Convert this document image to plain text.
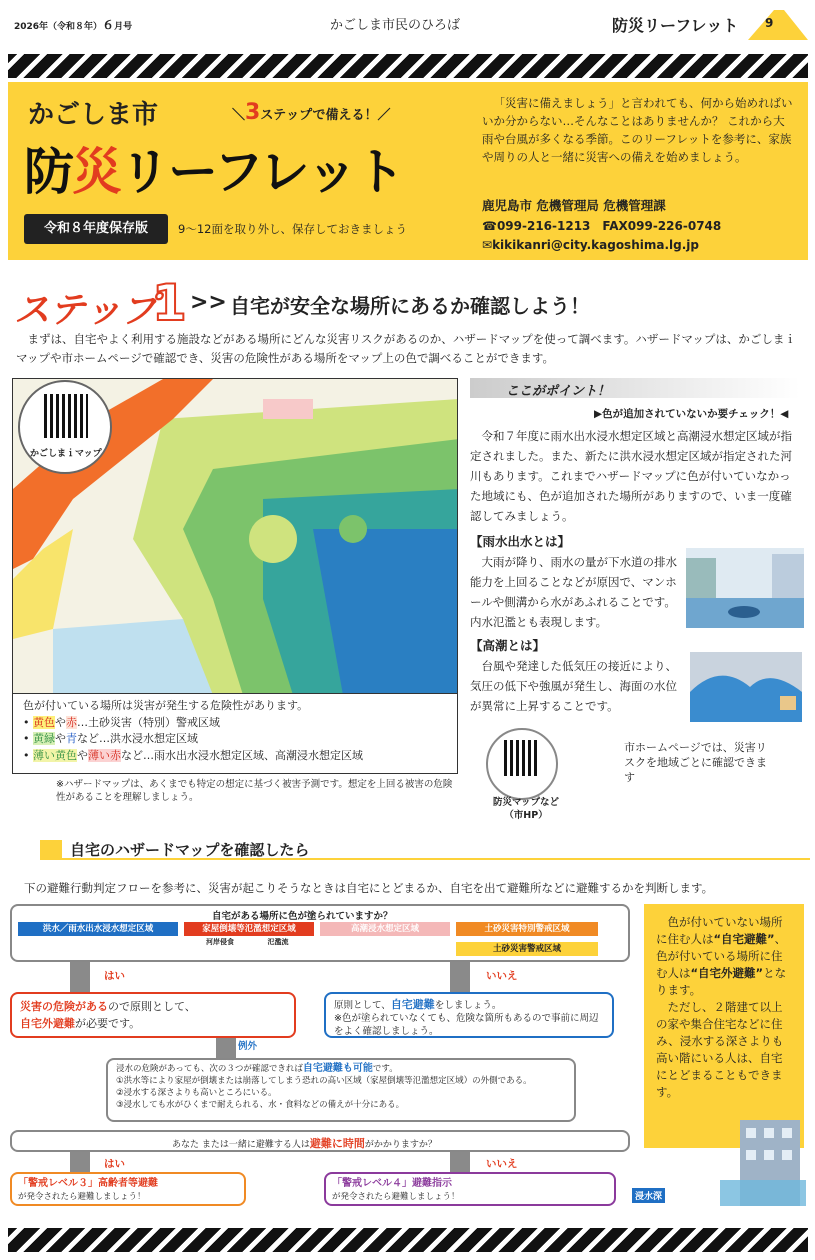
2026年（令和８年）６月号	かごしま市民のひろば	防災リーフレット 9
かごしま市	＼3ステップで備える！／
防災リーフレット
令和８年度保存版	9～12面を取り外し、保存しておきましょう
「災害に備えましょう」と言われても、何から始めればいいか分からない…そんなことはありませんか？ これから大雨や台風が多くなる季節。このリーフレットを参考に、家族や周りの人と一緒に災害への備えを始めましょう。
鹿児島市 危機管理局 危機管理課
☎099-216-1213　 FAX099-226-0748
✉kikikanri@city.kagoshima.lg.jp
ステップ
1 >> 自宅が安全な場所にあるか確認しよう！
まずは、自宅やよく利用する施設などがある場所にどんな災害リスクがあるのか、ハザードマップを使って調べます。ハザードマップは、かごしまｉマップや市ホームページで確認でき、災害の危険性がある場所をマップ上の色で調べることができます。
かごしまｉマップ
色が付いている場所は災害が発生する危険性があります。
• 黄色や赤…土砂災害（特別）警戒区域
• 黄緑や青など…洪水浸水想定区域
• 薄い黄色や薄い赤など…雨水出水浸水想定区域、高潮浸水想定区域
※ハザードマップは、あくまでも特定の想定に基づく被害予測です。想定を上回る被害の危険性があることを理解しましょう。
ここがポイント！
▶色が追加されていないか要チェック！◀
令和７年度に雨水出水浸水想定区域と高潮浸水想定区域が指定されました。また、新たに洪水浸水想定区域が指定された河川もあります。これまでハザードマップに色が付いていなかった地域にも、色が追加された場所がありますので、いま一度確認してみましょう。
【雨水出水とは】
大雨が降り、雨水の量が下水道の排水能力を上回ることなどが原因で、マンホールや側溝から水があふれることです。内水氾濫とも表現します。
【高潮とは】
台風や発達した低気圧の接近により、気圧の低下や強風が発生し、海面の水位が異常に上昇することです。
防災マップなど（市HP）
市ホームページでは、災害リスクを地域ごとに確認できます
自宅のハザードマップを確認したら
下の避難行動判定フローを参考に、災害が起こりそうなときは自宅にとどまるか、自宅を出て避難所などに避難するかを判断します。
自宅がある場所に色が塗られていますか？
洪水／雨水出水浸水想定区域	家屋倒壊等氾濫想定区域
河岸侵食	氾濫流
高潮浸水想定区域	土砂災害特別警戒区域
土砂災害警戒区域
はい	いいえ
災害の危険があるので原則として、
自宅外避難が必要です。
原則として、自宅避難をしましょう。
※色が塗られていなくても、危険な箇所もあるので事前に周辺をよく確認しましょう。
例外
浸水の危険があっても、次の３つが確認できれば自宅避難も可能です。
①洪水等により家屋が倒壊または崩落してしまう恐れの高い区域（家屋倒壊等氾濫想定区域）の外側である。
②浸水する深さよりも高いところにいる。
③浸水しても水がひくまで耐えられる、水・食料などの備えが十分にある。
あなた または一緒に避難する人は避難に時間がかかりますか？
はい	いいえ
「警戒レベル３」高齢者等避難
が発令されたら避難しましょう！
「警戒レベル４」避難指示
が発令されたら避難しましょう！
色が付いていない場所に住む人は“自宅避難”、色が付いている場所に住む人は“自宅外避難”となります。
ただし、２階建て以上の家や集合住宅などに住み、浸水する深さよりも高い階にいる人は、自宅にとどまることもできます。
浸水深
